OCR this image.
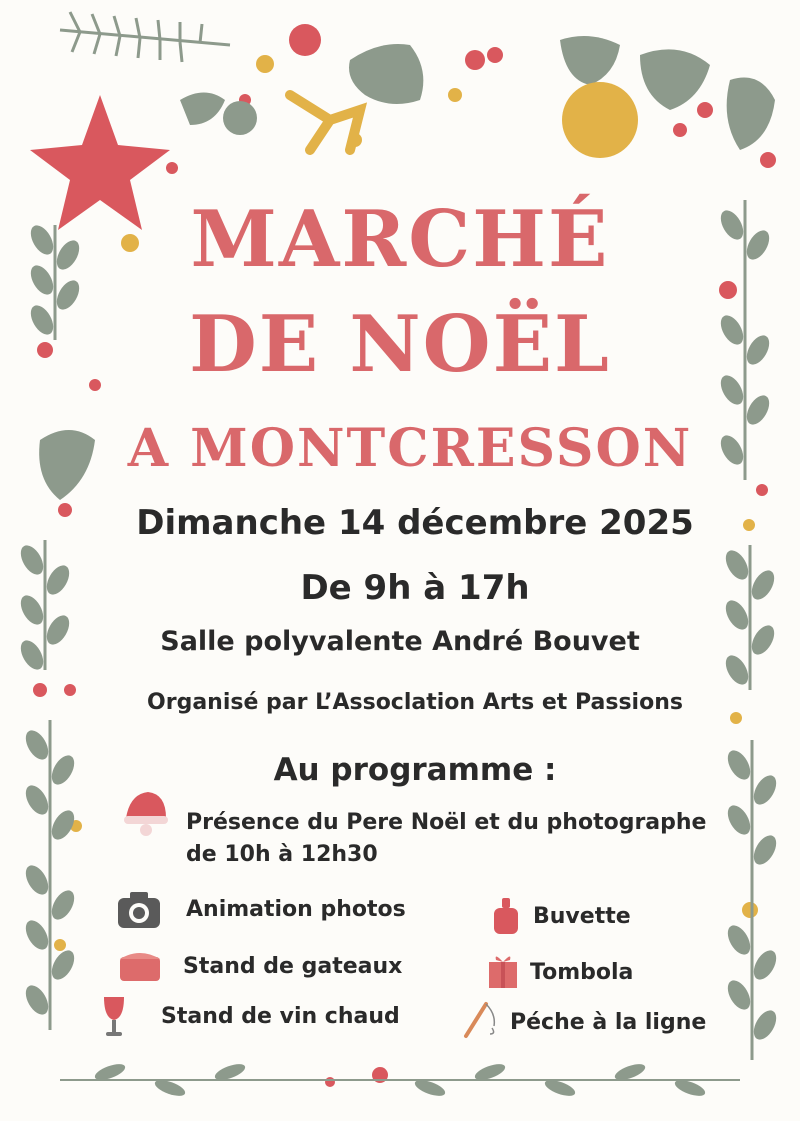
MARCHÉ
DE NOËL
A MONTCRESSON
Dimanche 14 décembre 2025
De 9h à 17h
Salle polyvalente André Bouvet
Organisé par L’Assoclation Arts et Passions
Au programme :
Présence du Pere Noël et du photographe
de 10h à 12h30
Animation photos
Stand de gateaux
Stand de vin chaud
Buvette
Tombola
Péche à la ligne
